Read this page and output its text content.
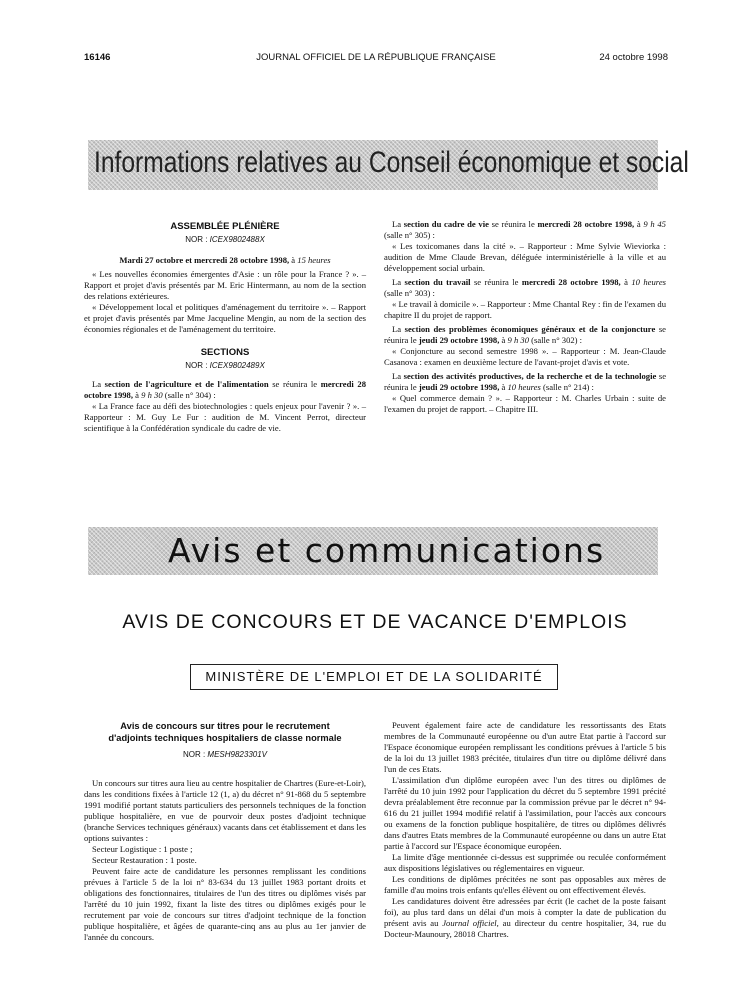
16146	JOURNAL OFFICIEL DE LA RÉPUBLIQUE FRANÇAISE	24 octobre 1998
Informations relatives au Conseil économique et social
ASSEMBLÉE PLÉNIÈRE
NOR : ICEX9802488X

Mardi 27 octobre et mercredi 28 octobre 1998, à 15 heures

« Les nouvelles économies émergentes d'Asie : un rôle pour la France ? ». – Rapport et projet d'avis présentés par M. Eric Hintermann, au nom de la section des relations extérieures.

« Développement local et politiques d'aménagement du territoire ». – Rapport et projet d'avis présentés par Mme Jacqueline Mengin, au nom de la section des économies régionales et de l'aménagement du territoire.

SECTIONS
NOR : ICEX9802489X

La section de l'agriculture et de l'alimentation se réunira le mercredi 28 octobre 1998, à 9 h 30 (salle n° 304) :

« La France face au défi des biotechnologies : quels enjeux pour l'avenir ? ». – Rapporteur : M. Guy Le Fur : audition de M. Vincent Perrot, directeur scientifique à la Confédération syndicale du cadre de vie.

La section du cadre de vie se réunira le mercredi 28 octobre 1998, à 9 h 45 (salle n° 305) :

« Les toxicomanes dans la cité ». – Rapporteur : Mme Sylvie Wieviorka : audition de Mme Claude Brevan, déléguée interministérielle à la ville et au développement social urbain.

La section du travail se réunira le mercredi 28 octobre 1998, à 10 heures (salle n° 303) :

« Le travail à domicile ». – Rapporteur : Mme Chantal Rey : fin de l'examen du chapitre II du projet de rapport.

La section des problèmes économiques généraux et de la conjoncture se réunira le jeudi 29 octobre 1998, à 9 h 30 (salle n° 302) :

« Conjoncture au second semestre 1998 ». – Rapporteur : M. Jean-Claude Casanova : examen en deuxième lecture de l'avant-projet d'avis et vote.

La section des activités productives, de la recherche et de la technologie se réunira le jeudi 29 octobre 1998, à 10 heures (salle n° 214) :

« Quel commerce demain ? ». – Rapporteur : M. Charles Urbain : suite de l'examen du projet de rapport. – Chapitre III.

Avis et communications
AVIS DE CONCOURS ET DE VACANCE D'EMPLOIS
MINISTÈRE DE L'EMPLOI ET DE LA SOLIDARITÉ
Avis de concours sur titres pour le recrutement
d'adjoints techniques hospitaliers de classe normale
NOR : MESH9823301V

Un concours sur titres aura lieu au centre hospitalier de Chartres (Eure-et-Loir), dans les conditions fixées à l'article 12 (1, a) du décret n° 91-868 du 5 septembre 1991 modifié portant statuts particuliers des personnels techniques de la fonction publique hospitalière, en vue de pourvoir deux postes d'adjoint technique (branche Services techniques généraux) vacants dans cet établissement et dans les options suivantes :

Secteur Logistique : 1 poste ;

Secteur Restauration : 1 poste.

Peuvent faire acte de candidature les personnes remplissant les conditions prévues à l'article 5 de la loi n° 83-634 du 13 juillet 1983 portant droits et obligations des fonctionnaires, titulaires de l'un des titres ou diplômes visés par l'arrêté du 10 juin 1992, fixant la liste des titres ou diplômes exigés pour le recrutement par voie de concours sur titres d'adjoint technique de la fonction publique hospitalière, et âgées de quarante-cinq ans au plus au 1er janvier de l'année du concours.

Peuvent également faire acte de candidature les ressortissants des Etats membres de la Communauté européenne ou d'un autre Etat partie à l'accord sur l'Espace économique européen remplissant les conditions prévues à l'article 5 bis de la loi du 13 juillet 1983 précitée, titulaires d'un titre ou diplôme délivré dans l'un de ces Etats.

L'assimilation d'un diplôme européen avec l'un des titres ou diplômes de l'arrêté du 10 juin 1992 pour l'application du décret du 5 septembre 1991 précité devra préalablement être reconnue par la commission prévue par le décret n° 94-616 du 21 juillet 1994 modifié relatif à l'assimilation, pour l'accès aux concours ou examens de la fonction publique hospitalière, de titres ou diplômes délivrés dans d'autres Etats membres de la Communauté européenne ou dans un autre Etat partie à l'accord sur l'Espace économique européen.

La limite d'âge mentionnée ci-dessus est supprimée ou reculée conformément aux dispositions législatives ou réglementaires en vigueur.

Les conditions de diplômes précitées ne sont pas opposables aux mères de famille d'au moins trois enfants qu'elles élèvent ou ont effectivement élevés.

Les candidatures doivent être adressées par écrit (le cachet de la poste faisant foi), au plus tard dans un délai d'un mois à compter la date de publication du présent avis au Journal officiel, au directeur du centre hospitalier, 34, rue du Docteur-Maunoury, 28018 Chartres.
